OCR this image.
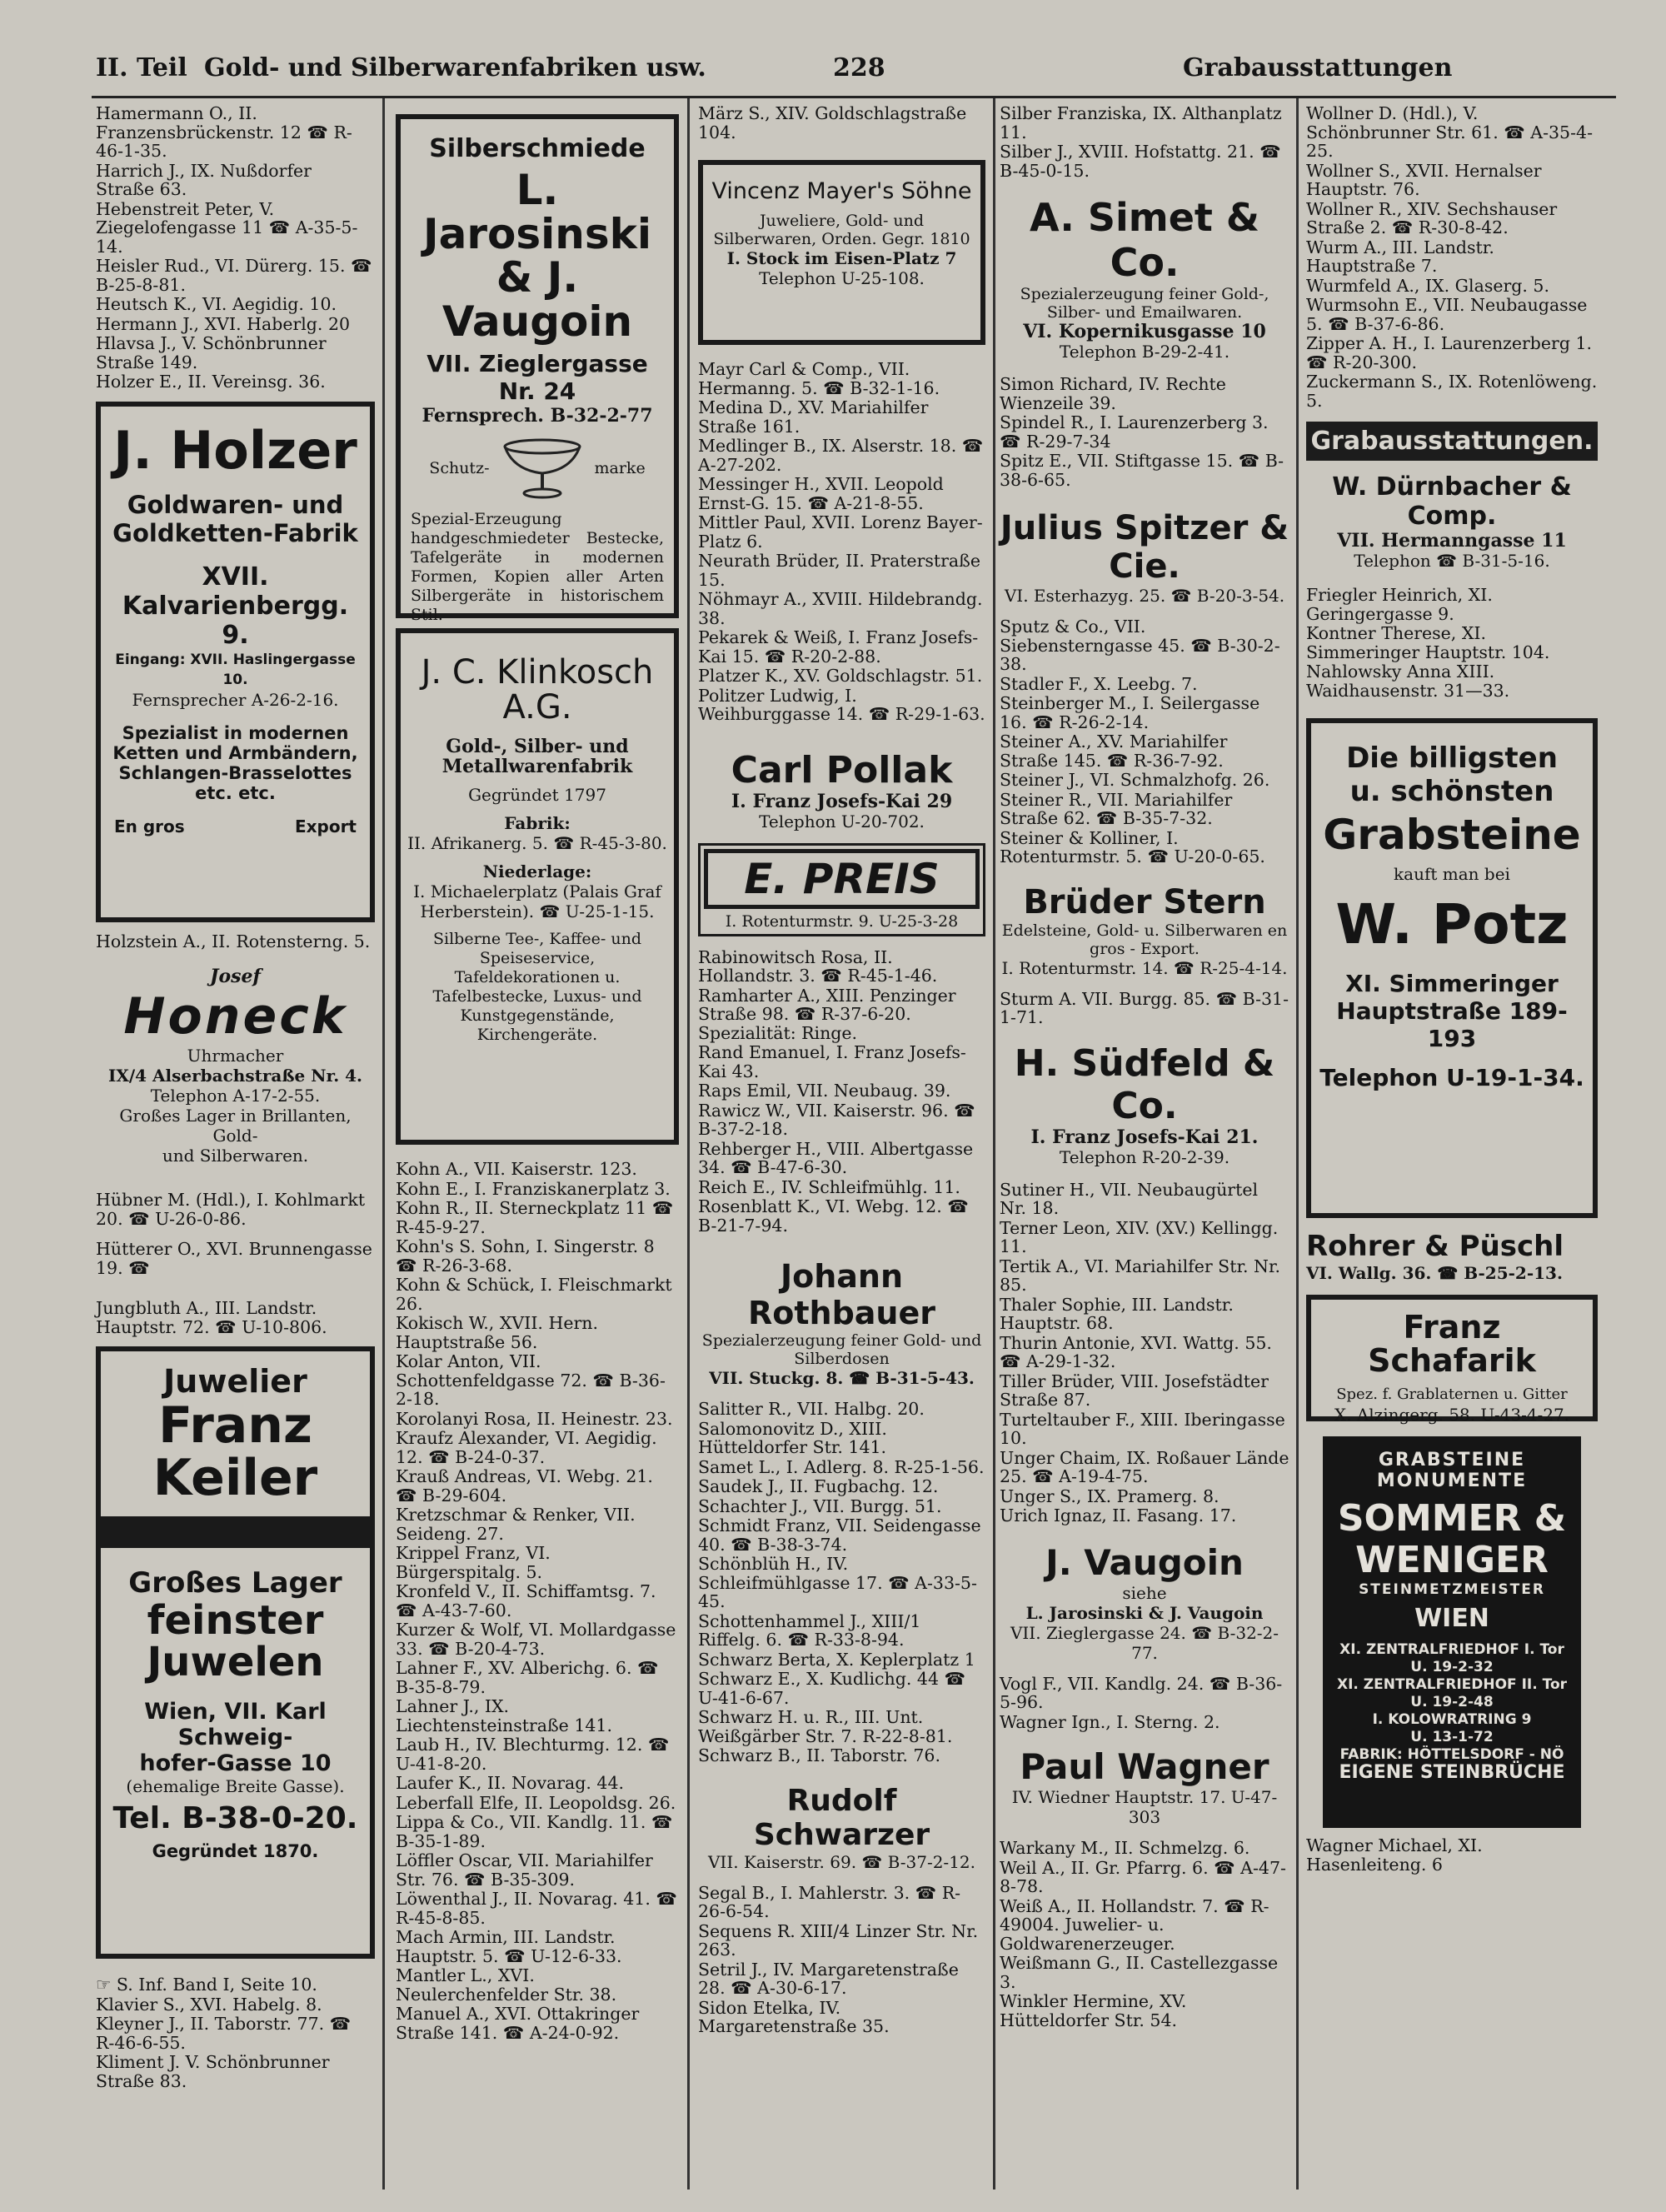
II. Teil Gold- und Silberwarenfabriken usw.	228	Grabausstattungen

Hamermann O., II. Franzensbrückenstr. 12 ☎ R-46-1-35.

Harrich J., IX. Nußdorfer Straße 63.

Hebenstreit Peter, V. Ziegelofengasse 11 ☎ A-35-5-14.

Heisler Rud., VI. Dürerg. 15. ☎ B-25-8-81.

Heutsch K., VI. Aegidig. 10.

Hermann J., XVI. Haberlg. 20

Hlavsa J., V. Schönbrunner Straße 149.

Holzer E., II. Vereinsg. 36.

J. Holzer
Goldwaren- und
Goldketten-Fabrik
XVII. Kalvarienbergg. 9.
Eingang: XVII. Haslingergasse 10.
Fernsprecher A-26-2-16.
Spezialist in modernen
Ketten und Armbändern,
Schlangen-Brasselottes
etc. etc.
En gros	Export

Holzstein A., II. Rotensterng. 5.

Josef
Honeck
Uhrmacher
IX/4 Alserbachstraße Nr. 4.
Telephon A-17-2-55.
Großes Lager in Brillanten, Gold-
und Silberwaren.

Hübner M. (Hdl.), I. Kohlmarkt 20. ☎ U-26-0-86.

Hütterer O., XVI. Brunnengasse 19. ☎

Jungbluth A., III. Landstr. Hauptstr. 72. ☎ U-10-806.

Juwelier
Franz Keiler
Großes Lager
feinster
Juwelen
Wien, VII. Karl Schweig-
hofer-Gasse 10
(ehemalige Breite Gasse).
Tel. B-38-0-20.
Gegründet 1870.

☞ S. Inf. Band I, Seite 10.

Klavier S., XVI. Habelg. 8.

Kleyner J., II. Taborstr. 77. ☎ R-46-6-55.

Kliment J. V. Schönbrunner Straße 83.

Silberschmiede
L. Jarosinski
& J. Vaugoin
VII. Zieglergasse Nr. 24
Fernsprech. B-32-2-77
Schutz-	marke
Spezial-Erzeugung handgeschmiedeter Bestecke, Tafelgeräte in modernen Formen, Kopien aller Arten Silbergeräte in historischem Stil.
J. C. Klinkosch A.G.
Gold-, Silber- und
Metallwarenfabrik
Gegründet 1797
Fabrik:
II. Afrikanerg. 5. ☎ R-45-3-80.
Niederlage:
I. Michaelerplatz (Palais Graf Herberstein). ☎ U-25-1-15.
Silberne Tee-, Kaffee- und Speiseservice, Tafeldekorationen u. Tafelbestecke, Luxus- und Kunstgegenstände, Kirchengeräte.

Kohn A., VII. Kaiserstr. 123.

Kohn E., I. Franziskanerplatz 3.

Kohn R., II. Sterneckplatz 11 ☎ R-45-9-27.

Kohn's S. Sohn, I. Singerstr. 8 ☎ R-26-3-68.

Kohn & Schück, I. Fleischmarkt 26.

Kokisch W., XVII. Hern. Hauptstraße 56.

Kolar Anton, VII. Schottenfeldgasse 72. ☎ B-36-2-18.

Korolanyi Rosa, II. Heinestr. 23.

Kraufz Alexander, VI. Aegidig. 12. ☎ B-24-0-37.

Krauß Andreas, VI. Webg. 21. ☎ B-29-604.

Kretzschmar & Renker, VII. Seideng. 27.

Krippel Franz, VI. Bürgerspitalg. 5.

Kronfeld V., II. Schiffamtsg. 7. ☎ A-43-7-60.

Kurzer & Wolf, VI. Mollardgasse 33. ☎ B-20-4-73.

Lahner F., XV. Alberichg. 6. ☎ B-35-8-79.

Lahner J., IX. Liechtensteinstraße 141.

Laub H., IV. Blechturmg. 12. ☎ U-41-8-20.

Laufer K., II. Novarag. 44.

Leberfall Elfe, II. Leopoldsg. 26.

Lippa & Co., VII. Kandlg. 11. ☎ B-35-1-89.

Löffler Oscar, VII. Mariahilfer Str. 76. ☎ B-35-309.

Löwenthal J., II. Novarag. 41. ☎ R-45-8-85.

Mach Armin, III. Landstr. Hauptstr. 5. ☎ U-12-6-33.

Mantler L., XVI. Neulerchenfelder Str. 38.

Manuel A., XVI. Ottakringer Straße 141. ☎ A-24-0-92.

März S., XIV. Goldschlagstraße 104.

Vincenz Mayer's Söhne
Juweliere, Gold- und Silberwaren, Orden. Gegr. 1810
I. Stock im Eisen-Platz 7
Telephon U-25-108.

Mayr Carl & Comp., VII. Hermanng. 5. ☎ B-32-1-16.

Medina D., XV. Mariahilfer Straße 161.

Medlinger B., IX. Alserstr. 18. ☎ A-27-202.

Messinger H., XVII. Leopold Ernst-G. 15. ☎ A-21-8-55.

Mittler Paul, XVII. Lorenz Bayer-Platz 6.

Neurath Brüder, II. Praterstraße 15.

Nöhmayr A., XVIII. Hildebrandg. 38.

Pekarek & Weiß, I. Franz Josefs-Kai 15. ☎ R-20-2-88.

Platzer K., XV. Goldschlagstr. 51.

Politzer Ludwig, I. Weihburggasse 14. ☎ R-29-1-63.

Carl Pollak
I. Franz Josefs-Kai 29
Telephon U-20-702.
E. PREIS
I. Rotenturmstr. 9. U-25-3-28

Rabinowitsch Rosa, II. Hollandstr. 3. ☎ R-45-1-46.

Ramharter A., XIII. Penzinger Straße 98. ☎ R-37-6-20. Spezialität: Ringe.

Rand Emanuel, I. Franz Josefs-Kai 43.

Raps Emil, VII. Neubaug. 39.

Rawicz W., VII. Kaiserstr. 96. ☎ B-37-2-18.

Rehberger H., VIII. Albertgasse 34. ☎ B-47-6-30.

Reich E., IV. Schleifmühlg. 11.

Rosenblatt K., VI. Webg. 12. ☎ B-21-7-94.

Johann Rothbauer
Spezialerzeugung feiner Gold- und Silberdosen
VII. Stuckg. 8. ☎ B-31-5-43.

Salitter R., VII. Halbg. 20.

Salomonovitz D., XIII. Hütteldorfer Str. 141.

Samet L., I. Adlerg. 8. R-25-1-56.

Saudek J., II. Fugbachg. 12.

Schachter J., VII. Burgg. 51.

Schmidt Franz, VII. Seidengasse 40. ☎ B-38-3-74.

Schönblüh H., IV. Schleifmühlgasse 17. ☎ A-33-5-45.

Schottenhammel J., XIII/1 Riffelg. 6. ☎ R-33-8-94.

Schwarz Berta, X. Keplerplatz 1

Schwarz E., X. Kudlichg. 44 ☎ U-41-6-67.

Schwarz H. u. R., III. Unt. Weißgärber Str. 7. R-22-8-81.

Schwarz B., II. Taborstr. 76.

Rudolf Schwarzer
VII. Kaiserstr. 69. ☎ B-37-2-12.

Segal B., I. Mahlerstr. 3. ☎ R-26-6-54.

Sequens R. XIII/4 Linzer Str. Nr. 263.

Setril J., IV. Margaretenstraße 28. ☎ A-30-6-17.

Sidon Etelka, IV. Margaretenstraße 35.

Silber Franziska, IX. Althanplatz 11.

Silber J., XVIII. Hofstattg. 21. ☎ B-45-0-15.

A. Simet & Co.
Spezialerzeugung feiner Gold-, Silber- und Emailwaren.
VI. Kopernikusgasse 10
Telephon B-29-2-41.

Simon Richard, IV. Rechte Wienzeile 39.

Spindel R., I. Laurenzerberg 3. ☎ R-29-7-34

Spitz E., VII. Stiftgasse 15. ☎ B-38-6-65.

Julius Spitzer & Cie.
VI. Esterhazyg. 25. ☎ B-20-3-54.

Sputz & Co., VII. Siebensterngasse 45. ☎ B-30-2-38.

Stadler F., X. Leebg. 7.

Steinberger M., I. Seilergasse 16. ☎ R-26-2-14.

Steiner A., XV. Mariahilfer Straße 145. ☎ R-36-7-92.

Steiner J., VI. Schmalzhofg. 26.

Steiner R., VII. Mariahilfer Straße 62. ☎ B-35-7-32.

Steiner & Kolliner, I. Rotenturmstr. 5. ☎ U-20-0-65.

Brüder Stern
Edelsteine, Gold- u. Silberwaren en gros - Export.
I. Rotenturmstr. 14. ☎ R-25-4-14.

Sturm A. VII. Burgg. 85. ☎ B-31-1-71.

H. Südfeld & Co.
I. Franz Josefs-Kai 21.
Telephon R-20-2-39.

Sutiner H., VII. Neubaugürtel Nr. 18.

Terner Leon, XIV. (XV.) Kellingg. 11.

Tertik A., VI. Mariahilfer Str. Nr. 85.

Thaler Sophie, III. Landstr. Hauptstr. 68.

Thurin Antonie, XVI. Wattg. 55. ☎ A-29-1-32.

Tiller Brüder, VIII. Josefstädter Straße 87.

Turteltauber F., XIII. Iberingasse 10.

Unger Chaim, IX. Roßauer Lände 25. ☎ A-19-4-75.

Unger S., IX. Pramerg. 8.

Urich Ignaz, II. Fasang. 17.

J. Vaugoin
siehe
L. Jarosinski & J. Vaugoin
VII. Zieglergasse 24. ☎ B-32-2-77.

Vogl F., VII. Kandlg. 24. ☎ B-36-5-96.

Wagner Ign., I. Sterng. 2.

Paul Wagner
IV. Wiedner Hauptstr. 17. U-47-303

Warkany M., II. Schmelzg. 6.

Weil A., II. Gr. Pfarrg. 6. ☎ A-47-8-78.

Weiß A., II. Hollandstr. 7. ☎ R-49004. Juwelier- u. Goldwarenerzeuger.

Weißmann G., II. Castellezgasse 3.

Winkler Hermine, XV. Hütteldorfer Str. 54.

Wollner D. (Hdl.), V. Schönbrunner Str. 61. ☎ A-35-4-25.

Wollner S., XVII. Hernalser Hauptstr. 76.

Wollner R., XIV. Sechshauser Straße 2. ☎ R-30-8-42.

Wurm A., III. Landstr. Hauptstraße 7.

Wurmfeld A., IX. Glaserg. 5.

Wurmsohn E., VII. Neubaugasse 5. ☎ B-37-6-86.

Zipper A. H., I. Laurenzerberg 1. ☎ R-20-300.

Zuckermann S., IX. Rotenlöweng. 5.

Grabausstattungen.
W. Dürnbacher & Comp.
VII. Hermanngasse 11
Telephon ☎ B-31-5-16.

Friegler Heinrich, XI. Geringergasse 9.

Kontner Therese, XI. Simmeringer Hauptstr. 104.

Nahlowsky Anna XIII. Waidhausenstr. 31—33.

Die billigsten
u. schönsten
Grabsteine
kauft man bei
W. Potz
XI. Simmeringer
Hauptstraße 189-193
Telephon U-19-1-34.
Rohrer & Püschl
VI. Wallg. 36. ☎ B-25-2-13.
Franz Schafarik
Spez. f. Grablaternen u. Gitter
X. Alzingerg. 58. U-43-4-27.
GRABSTEINE
MONUMENTE
SOMMER &
WENIGER
STEINMETZMEISTER
WIEN
XI. ZENTRALFRIEDHOF I. Tor
U. 19-2-32
XI. ZENTRALFRIEDHOF II. Tor
U. 19-2-48
I. KOLOWRATRING 9
U. 13-1-72
FABRIK: HÖTTELSDORF - NÖ
EIGENE STEINBRÜCHE

Wagner Michael, XI. Hasenleiteng. 6
